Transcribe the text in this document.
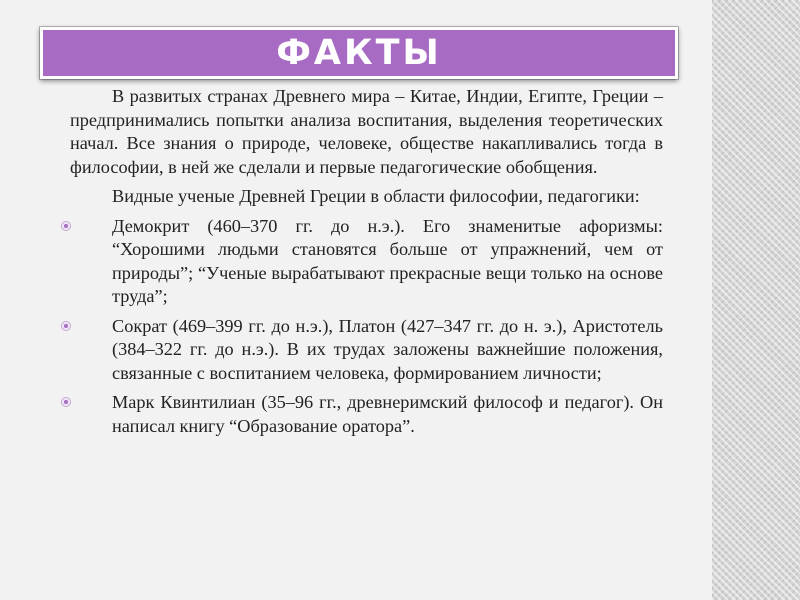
ФАКТЫ

В развитых странах Древнего мира – Китае, Индии, Египте, Греции – предпринимались попытки анализа воспитания, выделения теоретических начал. Все знания о природе, человеке, обществе накапливались тогда в философии, в ней же сделали и первые педагогические обобщения.

Видные ученые Древней Греции в области философии, педагогики:

Демокрит (460–370 гг. до н.э.). Его знаменитые афоризмы: “Хорошими людьми становятся больше от упражнений, чем от природы”; “Ученые вырабатывают прекрасные вещи только на основе труда”;
Сократ (469–399 гг. до н.э.), Платон (427–347 гг. до н. э.), Аристотель (384–322 гг. до н.э.). В их трудах заложены важнейшие положения, связанные с воспитанием человека, формированием личности;
Марк Квинтилиан (35–96 гг., древнеримский философ и педагог). Он написал книгу “Образование оратора”.
